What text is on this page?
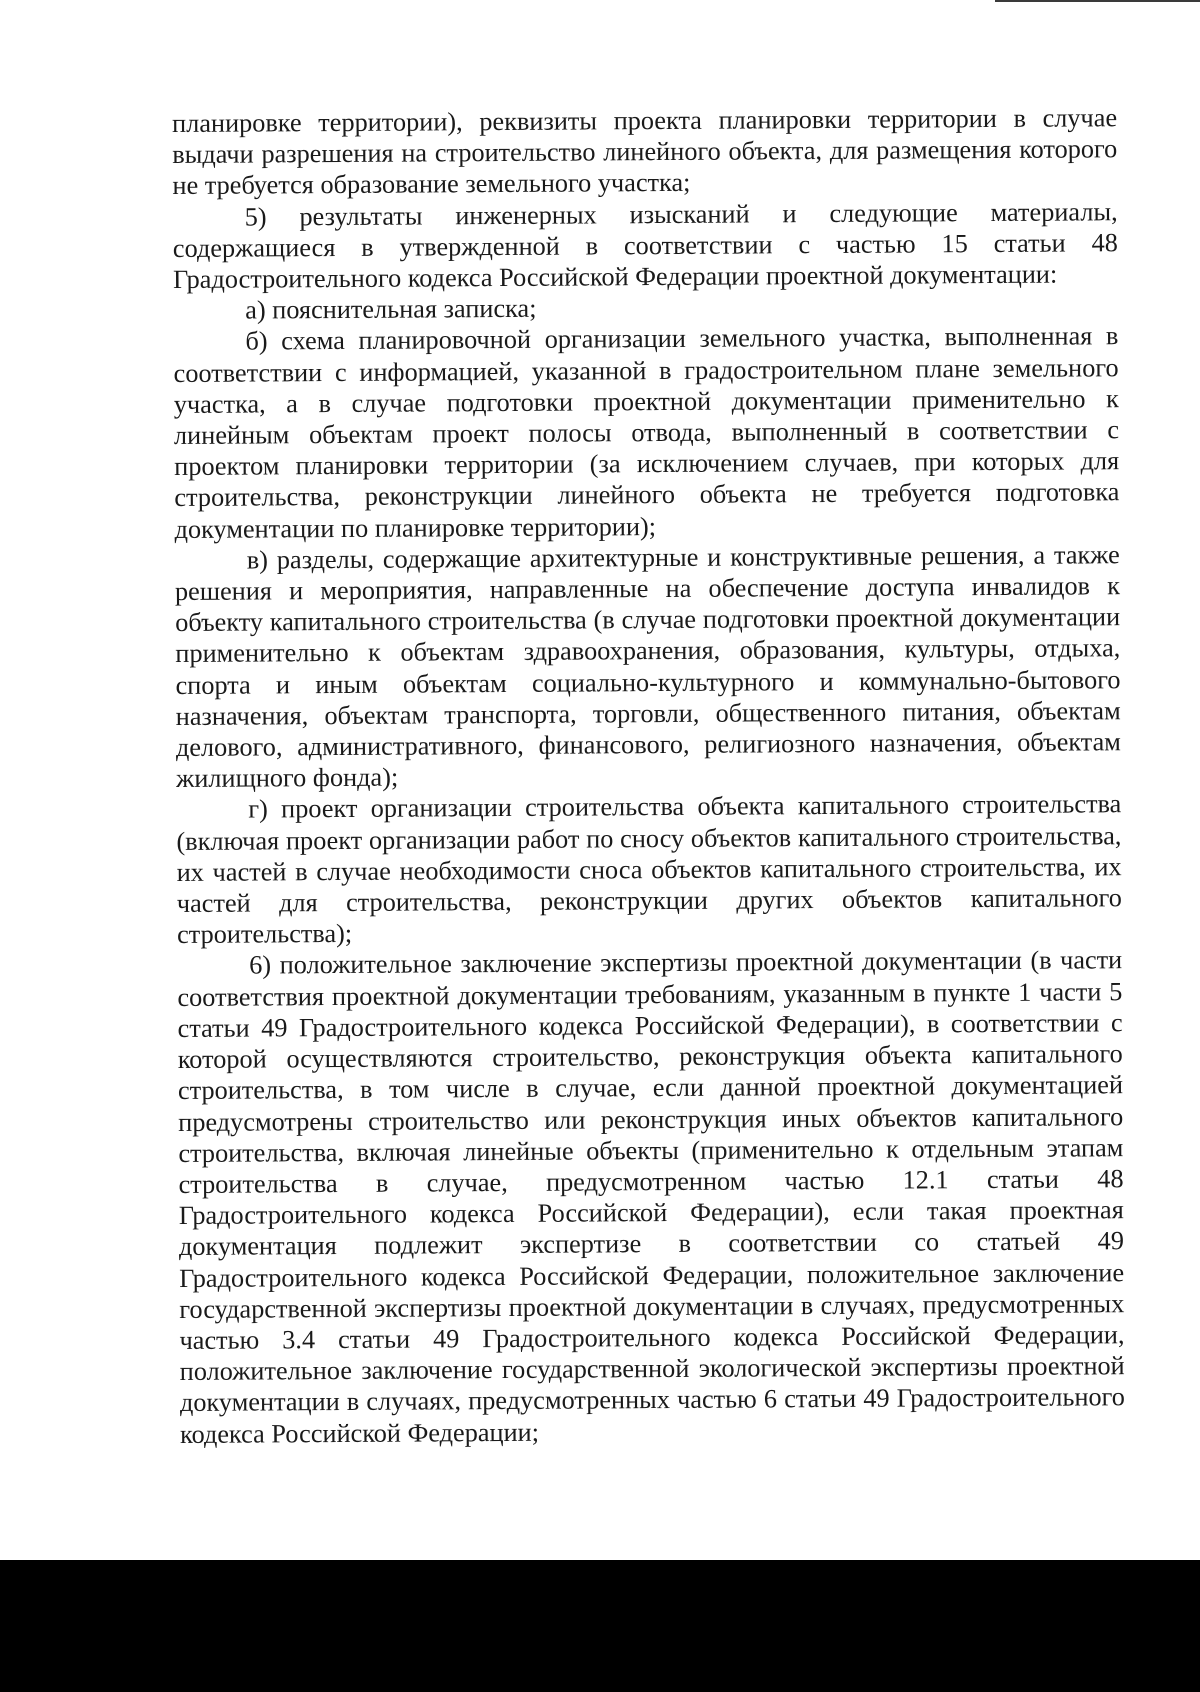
планировке территории), реквизиты проекта планировки территории в случае выдачи разрешения на строительство линейного объекта, для размещения которого не требуется образование земельного участка;

5) результаты инженерных изысканий и следующие материалы, содержащиеся в утвержденной в соответствии с частью 15 статьи 48 Градостроительного кодекса Российской Федерации проектной документации:

а) пояснительная записка;

б) схема планировочной организации земельного участка, выполненная в соответствии с информацией, указанной в градостроительном плане земельного участка, а в случае подготовки проектной документации применительно к линейным объектам проект полосы отвода, выполненный в соответствии с проектом планировки территории (за исключением случаев, при которых для строительства, реконструкции линейного объекта не требуется подготовка документации по планировке территории);

в) разделы, содержащие архитектурные и конструктивные решения, а также решения и мероприятия, направленные на обеспечение доступа инвалидов к объекту капитального строительства (в случае подготовки проектной документации применительно к объектам здравоохранения, образования, культуры, отдыха, спорта и иным объектам социально-культурного и коммунально-бытового назначения, объектам транспорта, торговли, общественного питания, объектам делового, административного, финансового, религиозного назначения, объектам жилищного фонда);

г) проект организации строительства объекта капитального строительства (включая проект организации работ по сносу объектов капитального строительства, их частей в случае необходимости сноса объектов капитального строительства, их частей для строительства, реконструкции других объектов капитального строительства);

6) положительное заключение экспертизы проектной документации (в части соответствия проектной документации требованиям, указанным в пункте 1 части 5 статьи 49 Градостроительного кодекса Российской Федерации), в соответствии с которой осуществляются строительство, реконструкция объекта капитального строительства, в том числе в случае, если данной проектной документацией предусмотрены строительство или реконструкция иных объектов капитального строительства, включая линейные объекты (применительно к отдельным этапам строительства в случае, предусмотренном частью 12.1 статьи 48 Градостроительного кодекса Российской Федерации), если такая проектная документация подлежит экспертизе в соответствии со статьей 49 Градостроительного кодекса Российской Федерации, положительное заключение государственной экспертизы проектной документации в случаях, предусмотренных частью 3.4 статьи 49 Градостроительного кодекса Российской Федерации, положительное заключение государственной экологической экспертизы проектной документации в случаях, предусмотренных частью 6 статьи 49 Градостроительного кодекса Российской Федерации;
